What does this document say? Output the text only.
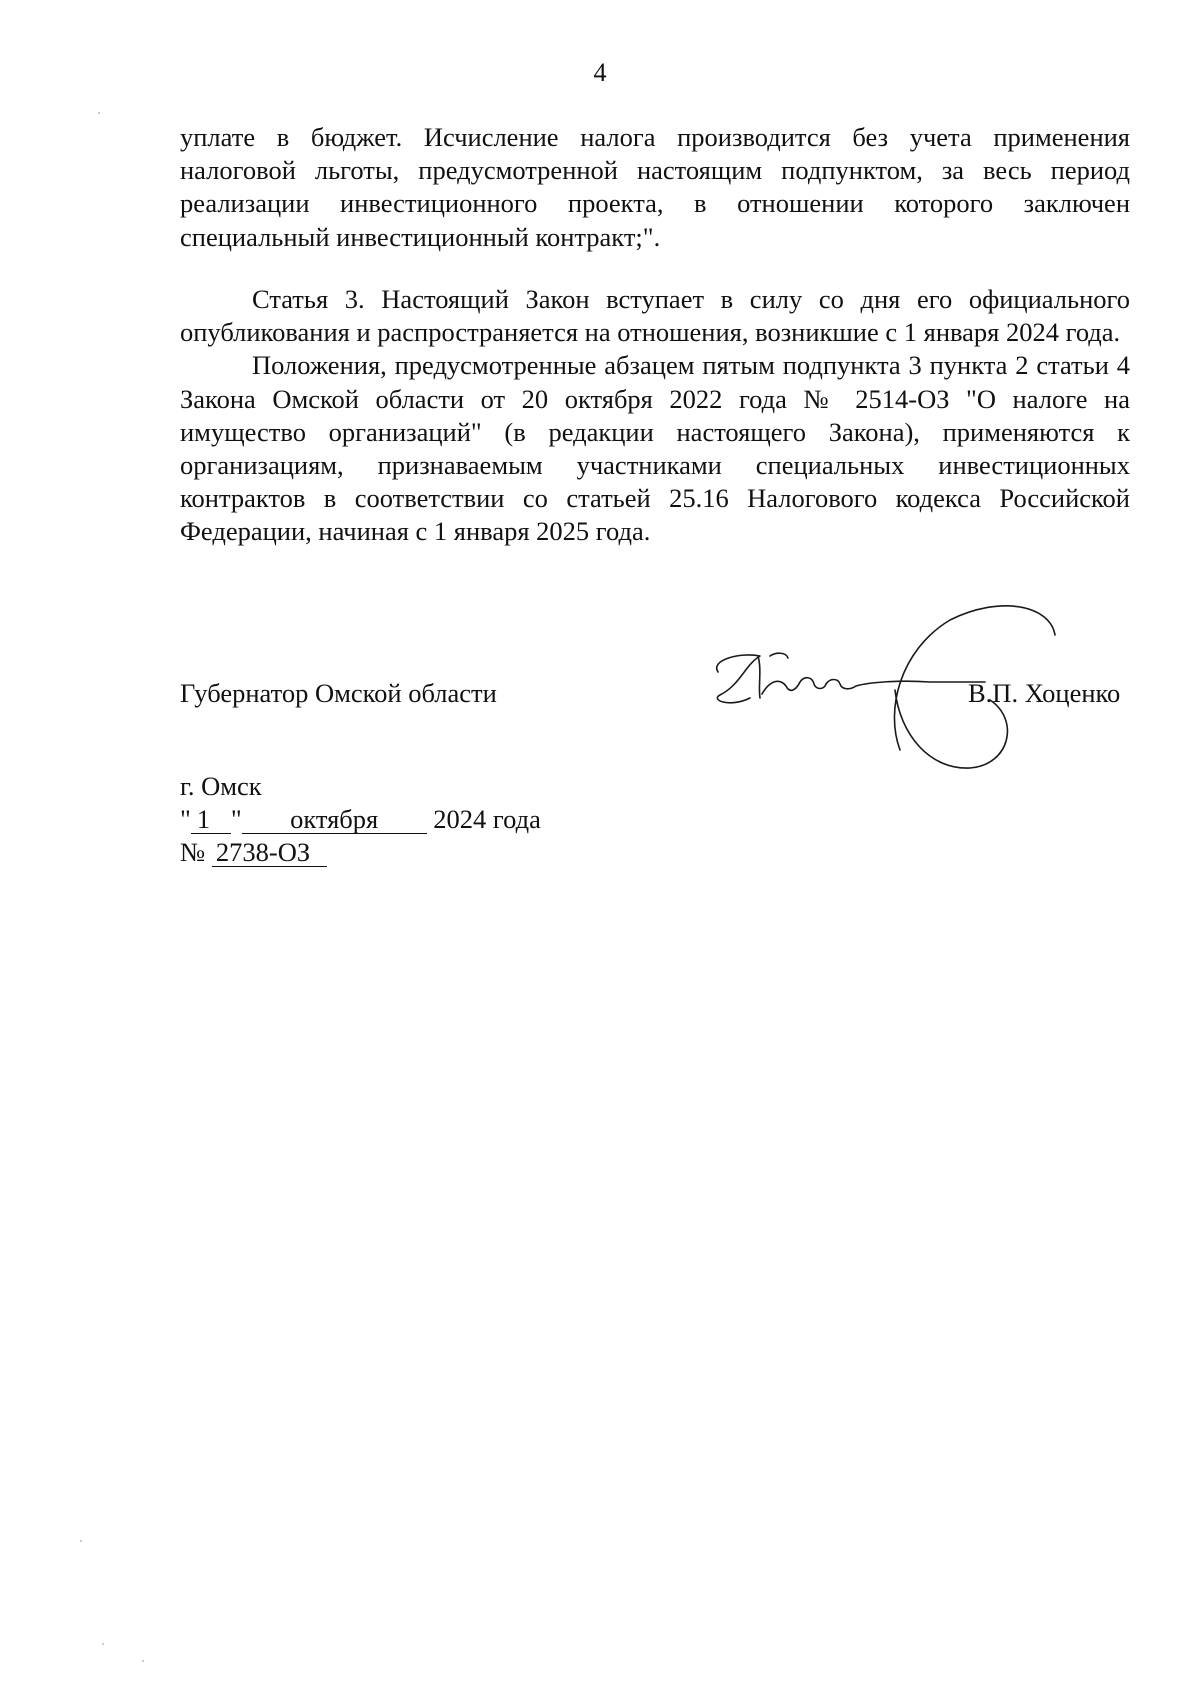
4

уплате в бюджет. Исчисление налога производится без учета применения налоговой льготы, предусмотренной настоящим подпунктом, за весь период реализации инвестиционного проекта, в отношении которого заключен специальный инвестиционный контракт;".

Статья 3. Настоящий Закон вступает в силу со дня его официального опубликования и распространяется на отношения, возникшие с 1 января 2024 года.

Положения, предусмотренные абзацем пятым подпункта 3 пункта 2 статьи 4 Закона Омской области от 20 октября 2022 года № 2514-ОЗ "О налоге на имущество организаций" (в редакции настоящего Закона), применяются к организациям, признаваемым участниками специальных инвестиционных контрактов в соответствии со статьей 25.16 Налогового кодекса Российской Федерации, начиная с 1 января 2025 года.

Губернатор Омской области	В.П. Хоценко
г. Омск
" 1 " октября 2024 года
№ 2738-ОЗ
